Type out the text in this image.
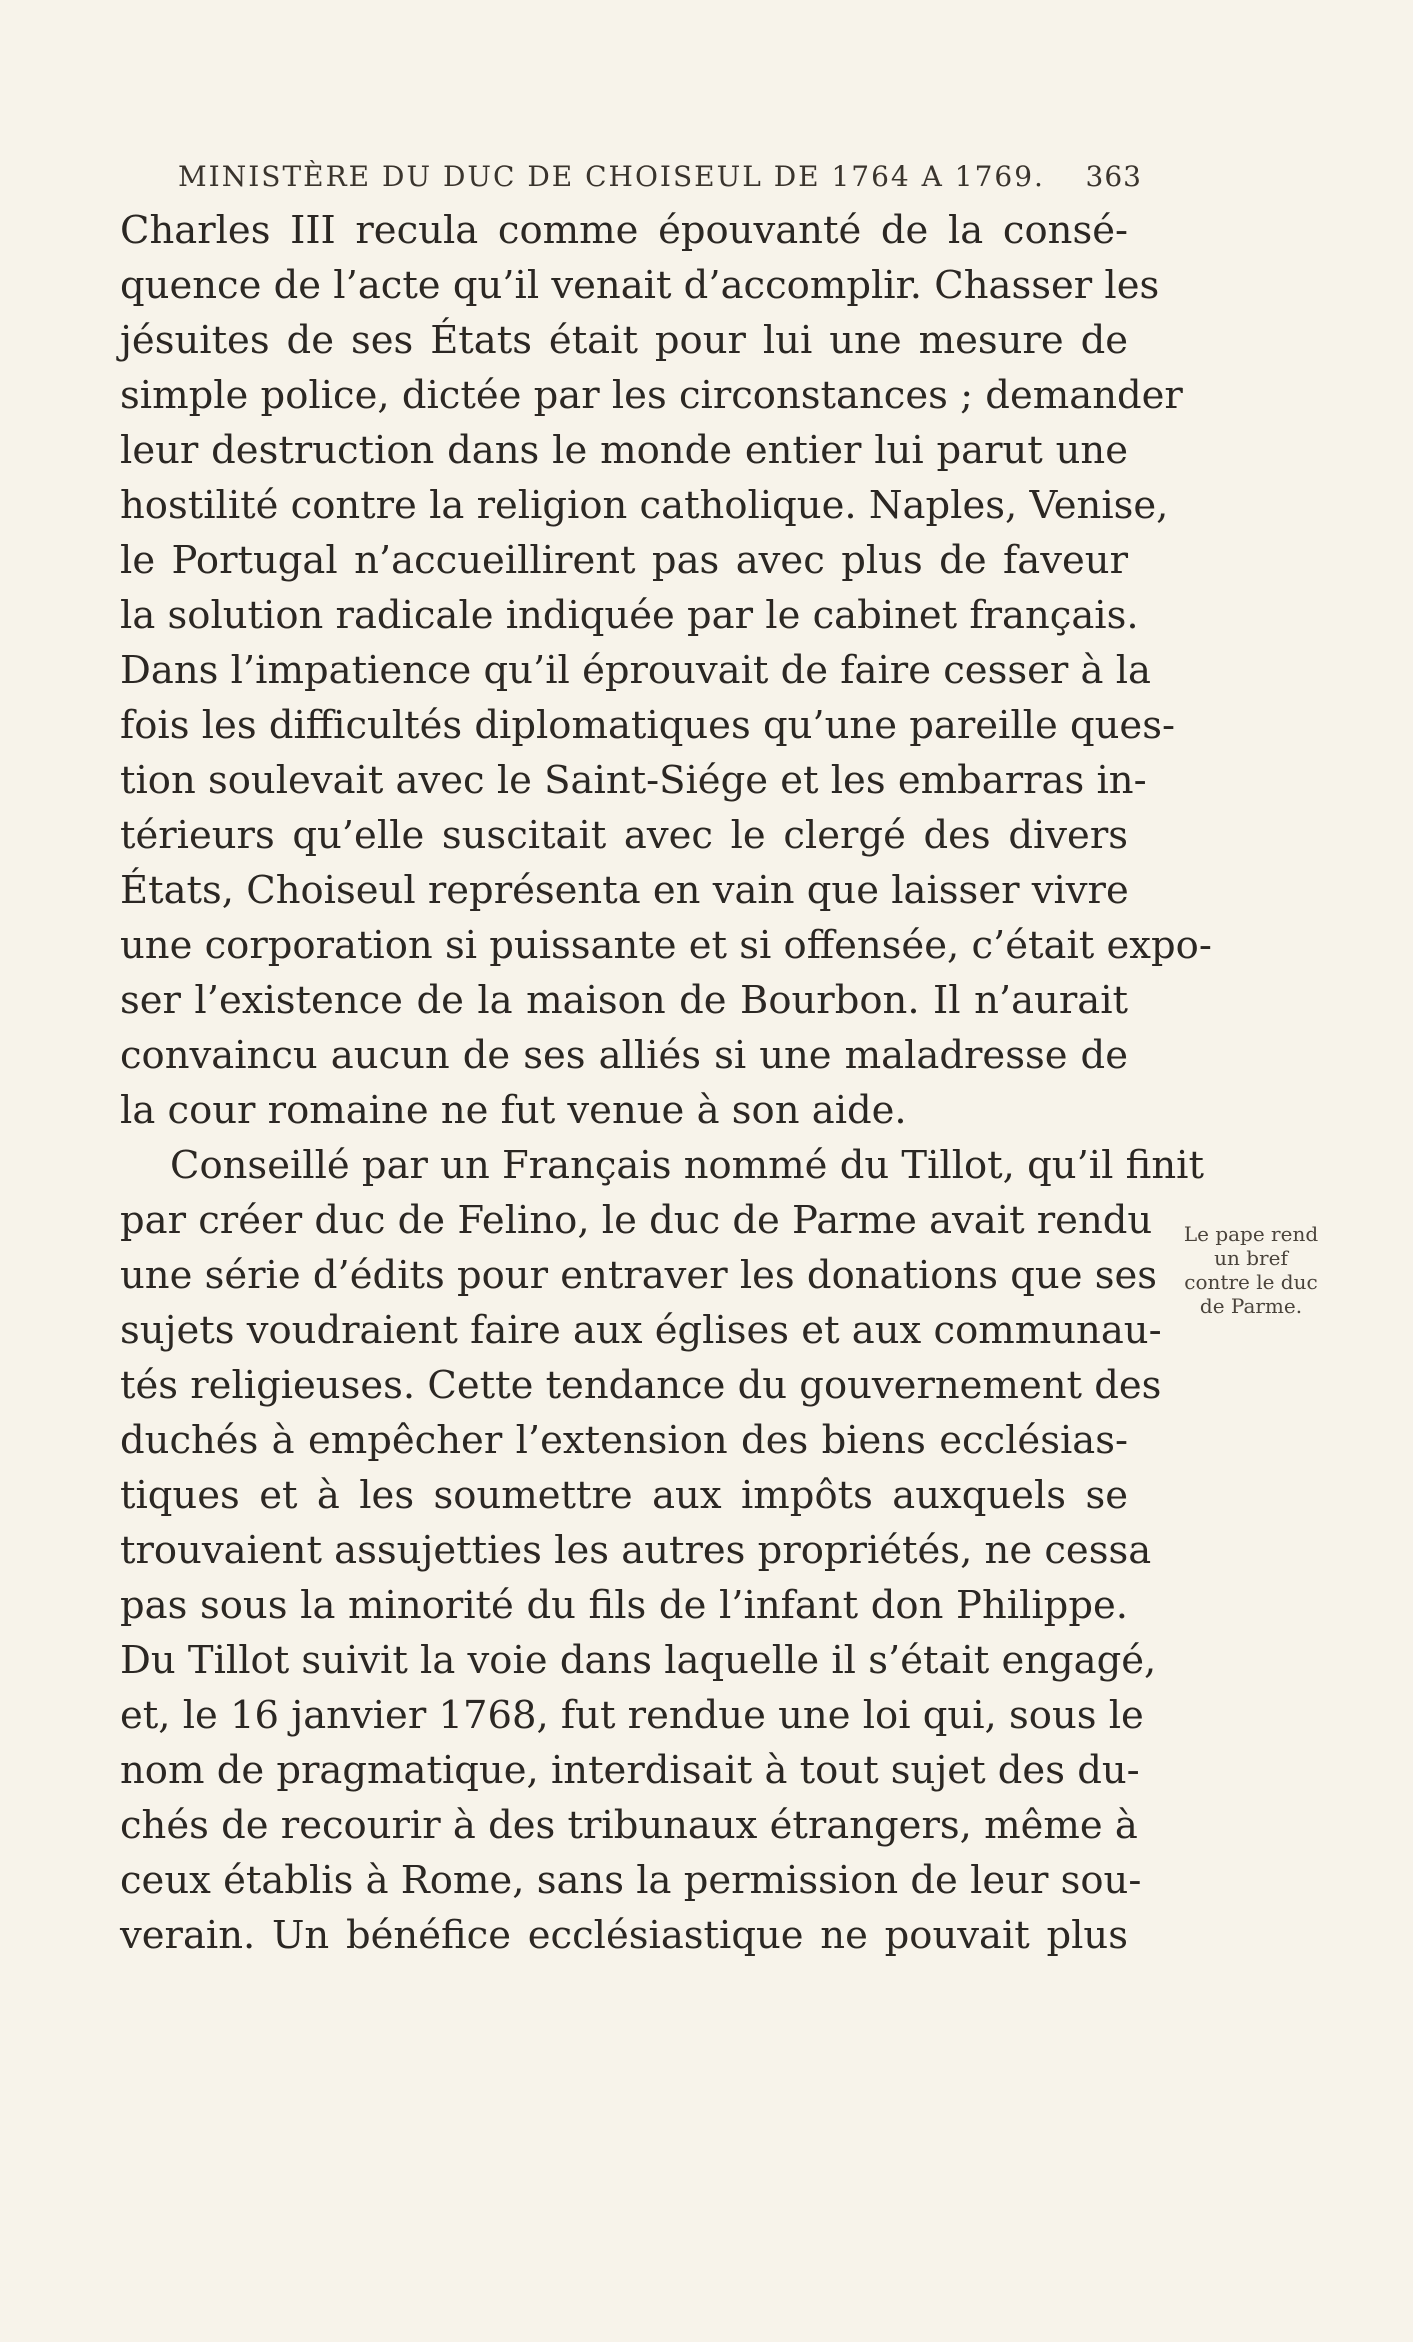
MINISTÈRE DU DUC DE CHOISEUL DE 1764 A 1769. 363
Charles III recula comme épouvanté de la consé-
quence de l’acte qu’il venait d’accomplir. Chasser les
jésuites de ses États était pour lui une mesure de
simple police, dictée par les circonstances ; demander
leur destruction dans le monde entier lui parut une
hostilité contre la religion catholique. Naples, Venise,
le Portugal n’accueillirent pas avec plus de faveur
la solution radicale indiquée par le cabinet français.
Dans l’impatience qu’il éprouvait de faire cesser à la
fois les difficultés diplomatiques qu’une pareille ques-
tion soulevait avec le Saint-Siége et les embarras in-
térieurs qu’elle suscitait avec le clergé des divers
États, Choiseul représenta en vain que laisser vivre
une corporation si puissante et si offensée, c’était expo-
ser l’existence de la maison de Bourbon. Il n’aurait
convaincu aucun de ses alliés si une maladresse de
la cour romaine ne fut venue à son aide.
Conseillé par un Français nommé du Tillot, qu’il finit
par créer duc de Felino, le duc de Parme avait rendu
une série d’édits pour entraver les donations que ses
sujets voudraient faire aux églises et aux communau-
tés religieuses. Cette tendance du gouvernement des
duchés à empêcher l’extension des biens ecclésias-
tiques et à les soumettre aux impôts auxquels se
trouvaient assujetties les autres propriétés, ne cessa
pas sous la minorité du fils de l’infant don Philippe.
Du Tillot suivit la voie dans laquelle il s’était engagé,
et, le 16 janvier 1768, fut rendue une loi qui, sous le
nom de pragmatique, interdisait à tout sujet des du-
chés de recourir à des tribunaux étrangers, même à
ceux établis à Rome, sans la permission de leur sou-
verain. Un bénéfice ecclésiastique ne pouvait plus
Le pape rend
un bref
contre le duc
de Parme.
